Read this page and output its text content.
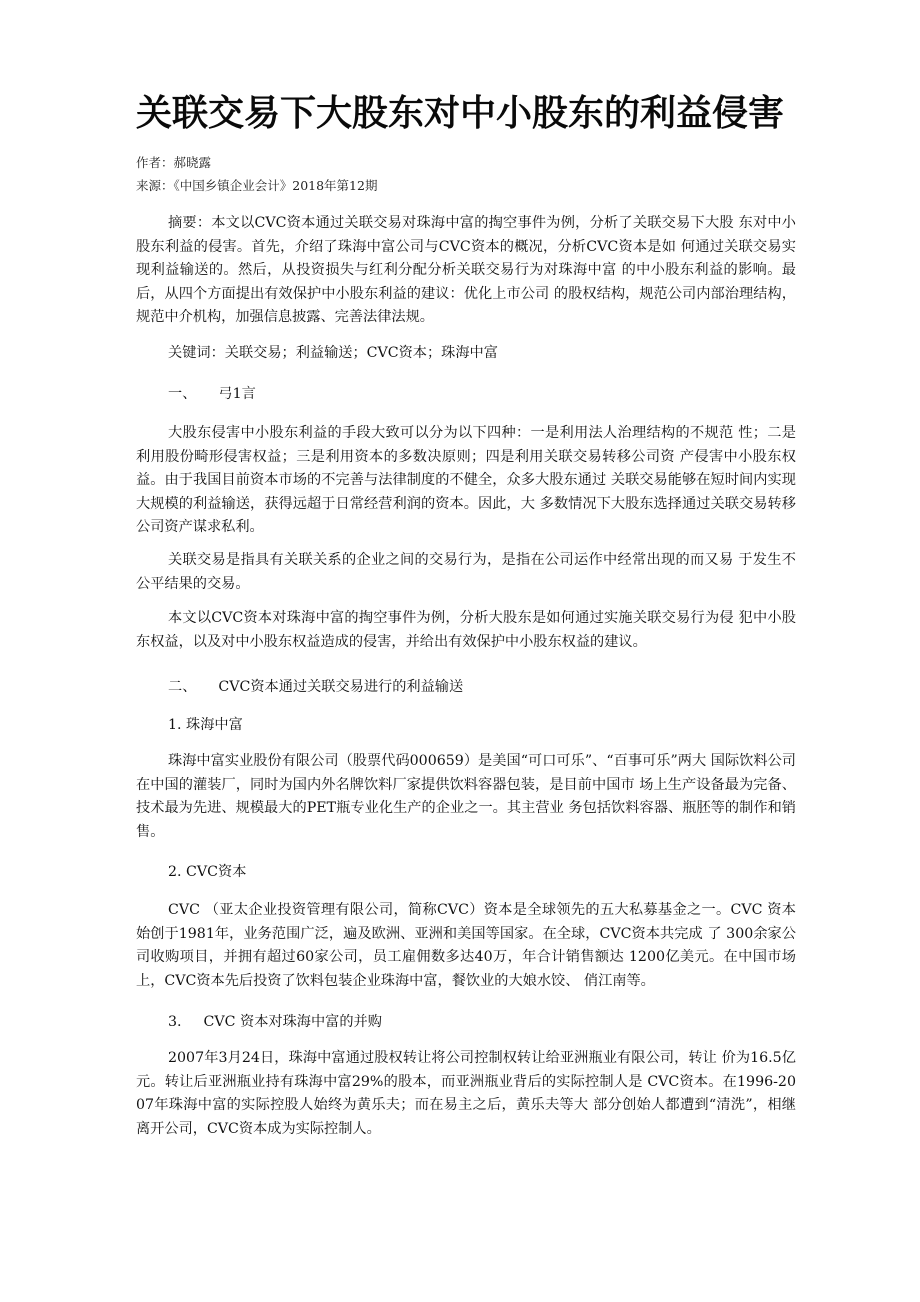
关联交易下大股东对中小股东的利益侵害
作者：郝晓露
来源：《中国乡镇企业会计》2018年第12期

摘要：本文以CVC资本通过关联交易对珠海中富的掏空事件为例，分析了关联交易下大股 东对中小股东利益的侵害。首先，介绍了珠海中富公司与CVC资本的概况，分析CVC资本是如 何通过关联交易实现利益输送的。然后，从投资损失与红利分配分析关联交易行为对珠海中富 的中小股东利益的影响。最后，从四个方面提出有效保护中小股东利益的建议：优化上市公司 的股权结构，规范公司内部治理结构，规范中介机构，加强信息披露、完善法律法规。

关键词：关联交易；利益输送；CVC资本；珠海中富
一、 弓1言

大股东侵害中小股东利益的手段大致可以分为以下四种：一是利用法人治理结构的不规范 性；二是利用股份畸形侵害权益；三是利用资本的多数决原则；四是利用关联交易转移公司资 产侵害中小股东权益。由于我国目前资本市场的不完善与法律制度的不健全，众多大股东通过 关联交易能够在短时间内实现大规模的利益输送，获得远超于日常经营利润的资本。因此，大 多数情况下大股东选择通过关联交易转移公司资产谋求私利。

关联交易是指具有关联关系的企业之间的交易行为，是指在公司运作中经常出现的而又易 于发生不公平结果的交易。

本文以CVC资本对珠海中富的掏空事件为例，分析大股东是如何通过实施关联交易行为侵 犯中小股东权益，以及对中小股东权益造成的侵害，并给出有效保护中小股东权益的建议。

二、 CVC资本通过关联交易进行的利益输送
1. 珠海中富

珠海中富实业股份有限公司（股票代码000659）是美国“可口可乐”、“百事可乐”两大 国际饮料公司在中国的灌装厂，同时为国内外名牌饮料厂家提供饮料容器包装，是目前中国市 场上生产设备最为完备、技术最为先进、规模最大的PET瓶专业化生产的企业之一。其主营业 务包括饮料容器、瓶胚等的制作和销售。

2. CVC资本

CVC （亚太企业投资管理有限公司，简称CVC）资本是全球领先的五大私募基金之一。CVC 资本始创于1981年，业务范围广泛，遍及欧洲、亚洲和美国等国家。在全球，CVC资本共完成 了 300余家公司收购项目，并拥有超过60家公司，员工雇佣数多达40万，年合计销售额达 1200亿美元。在中国市场上，CVC资本先后投资了饮料包装企业珠海中富，餐饮业的大娘水饺、 俏江南等。

3. CVC 资本对珠海中富的并购

2007年3月24日，珠海中富通过股权转让将公司控制权转让给亚洲瓶业有限公司，转让 价为16.5亿元。转让后亚洲瓶业持有珠海中富29%的股本，而亚洲瓶业背后的实际控制人是 CVC资本。在1996-2007年珠海中富的实际控股人始终为黄乐夫；而在易主之后，黄乐夫等大 部分创始人都遭到“清洗”，相继离开公司，CVC资本成为实际控制人。
